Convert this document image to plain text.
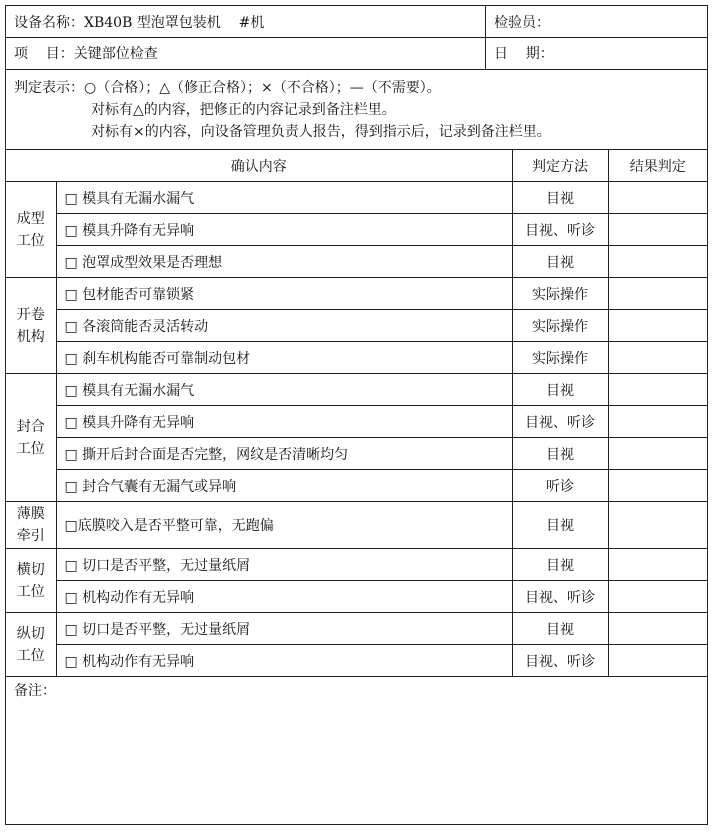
设备名称：XB40B 型泡罩包装机    #机	检验员：
项    目：关键部位检查	日    期：
判定表示：○（合格）；△（修正合格）；×（不合格）；—（不需要）。
对标有△的内容，把修正的内容记录到备注栏里。
对标有×的内容，向设备管理负责人报告，得到指示后，记录到备注栏里。
确认内容		判定方法	结果判定

成型
工位	□ 模具有无漏水漏气	目视	
	□ 模具升降有无异响	目视、听诊	
	□ 泡罩成型效果是否理想	目视	

开卷
机构	□ 包材能否可靠锁紧	实际操作	
	□ 各滚筒能否灵活转动	实际操作	
	□ 刹车机构能否可靠制动包材	实际操作	

封合
工位	□ 模具有无漏水漏气	目视	
	□ 模具升降有无异响	目视、听诊	
	□ 撕开后封合面是否完整，网纹是否清晰均匀	目视	
	□ 封合气囊有无漏气或异响	听诊	

薄膜
牵引	□底膜咬入是否平整可靠，无跑偏	目视	

横切
工位	□ 切口是否平整，无过量纸屑	目视	
	□ 机构动作有无异响	目视、听诊	

纵切
工位	□ 切口是否平整，无过量纸屑	目视	
	□ 机构动作有无异响	目视、听诊	
备注：
